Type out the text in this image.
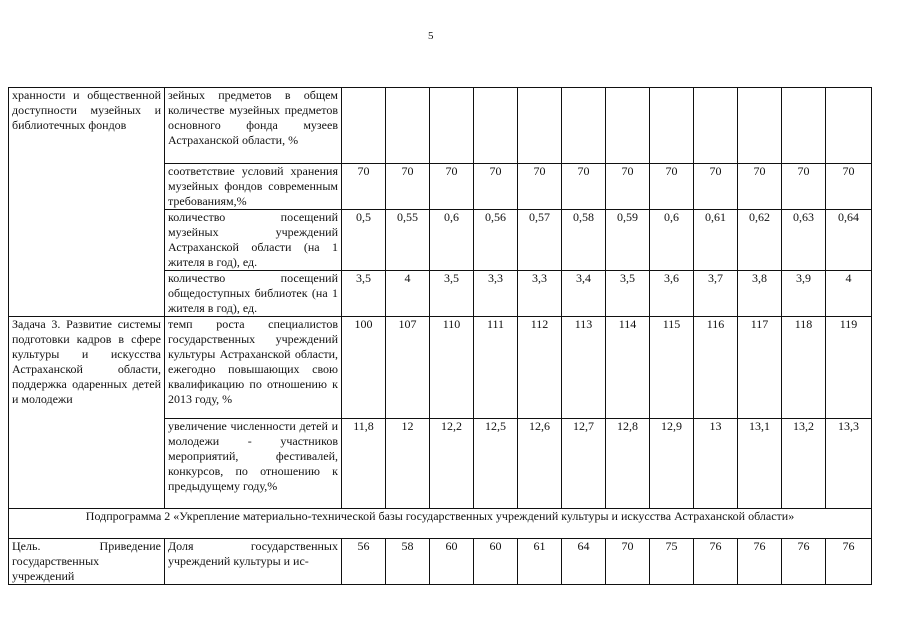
5
хранности и общественной доступности музейных и библиотечных фондов	зейных предметов в общем количестве музейных предметов основного фонда музеев Астраханской области, %												
	соответствие условий хранения музейных фондов современным требованиям,%	70	70	70	70	70	70	70	70	70	70	70	70
	количество посещений музейных учреждений Астраханской области (на 1 жителя в год), ед.	0,5	0,55	0,6	0,56	0,57	0,58	0,59	0,6	0,61	0,62	0,63	0,64
	количество посещений общедоступных библиотек (на 1 жителя в год), ед.	3,5	4	3,5	3,3	3,3	3,4	3,5	3,6	3,7	3,8	3,9	4
Задача 3. Развитие системы подготовки кадров в сфере культуры и искусства Астраханской области, поддержка одаренных детей и молодежи	темп роста специалистов государственных учреждений культуры Астраханской области, ежегодно повышающих свою квалификацию по отношению к 2013 году, %	100	107	110	111	112	113	114	115	116	117	118	119
	увеличение численности детей и молодежи - участников мероприятий, фестивалей, конкурсов, по отношению к предыдущему году,%	11,8	12	12,2	12,5	12,6	12,7	12,8	12,9	13	13,1	13,2	13,3
Подпрограмма 2 «Укрепление материально-технической базы государственных учреждений культуры и искусства Астраханской области»													
Цель. Приведение государственных учреждений	Доля государственных учреждений культуры и ис-	56	58	60	60	61	64	70	75	76	76	76	76
